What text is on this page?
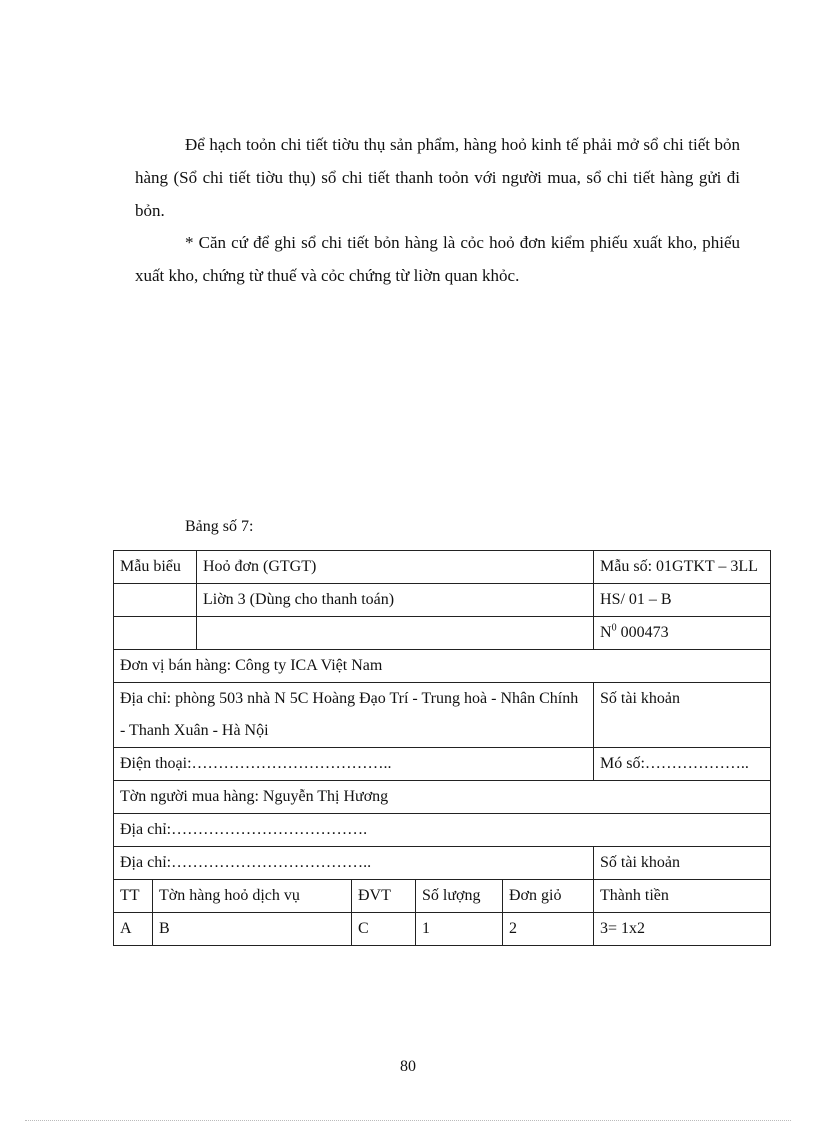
Để hạch toỏn chi tiết tiờu thụ sản phẩm, hàng hoỏ kinh tế phải mở sổ chi tiết bỏn hàng (Sổ chi tiết tiờu thụ) sổ chi tiết thanh toỏn với người mua, sổ chi tiết hàng gửi đi bỏn.

* Căn cứ để ghi sổ chi tiết bỏn hàng là cỏc hoỏ đơn kiểm phiếu xuất kho, phiếu xuất kho, chứng từ thuế và cỏc chứng từ liờn quan khỏc.

Bảng số 7:

Mẫu biểu		Hoỏ đơn (GTGT)				Mẫu số: 01GTKT – 3LL
		Liờn 3 (Dùng cho thanh toán)				HS/ 01 – B
						$N^0$ 000473
Đơn vị bán hàng: Công ty ICA Việt Nam						
Địa chỉ: phòng 503 nhà N 5C Hoàng Đạo Trí - Trung hoà - Nhân Chính - Thanh Xuân - Hà Nội						Số tài khoản
Điện thoại:………………………………..						Mó số:………………..
Tờn người mua hàng: Nguyễn Thị Hương						
Địa chỉ:……………………………….						
Địa chỉ:………………………………..						Số tài khoản
TT	Tờn hàng hoỏ dịch vụ		ĐVT	Số lượng	Đơn giỏ	Thành tiền
A	B		C	1	2	3= 1x2

80
